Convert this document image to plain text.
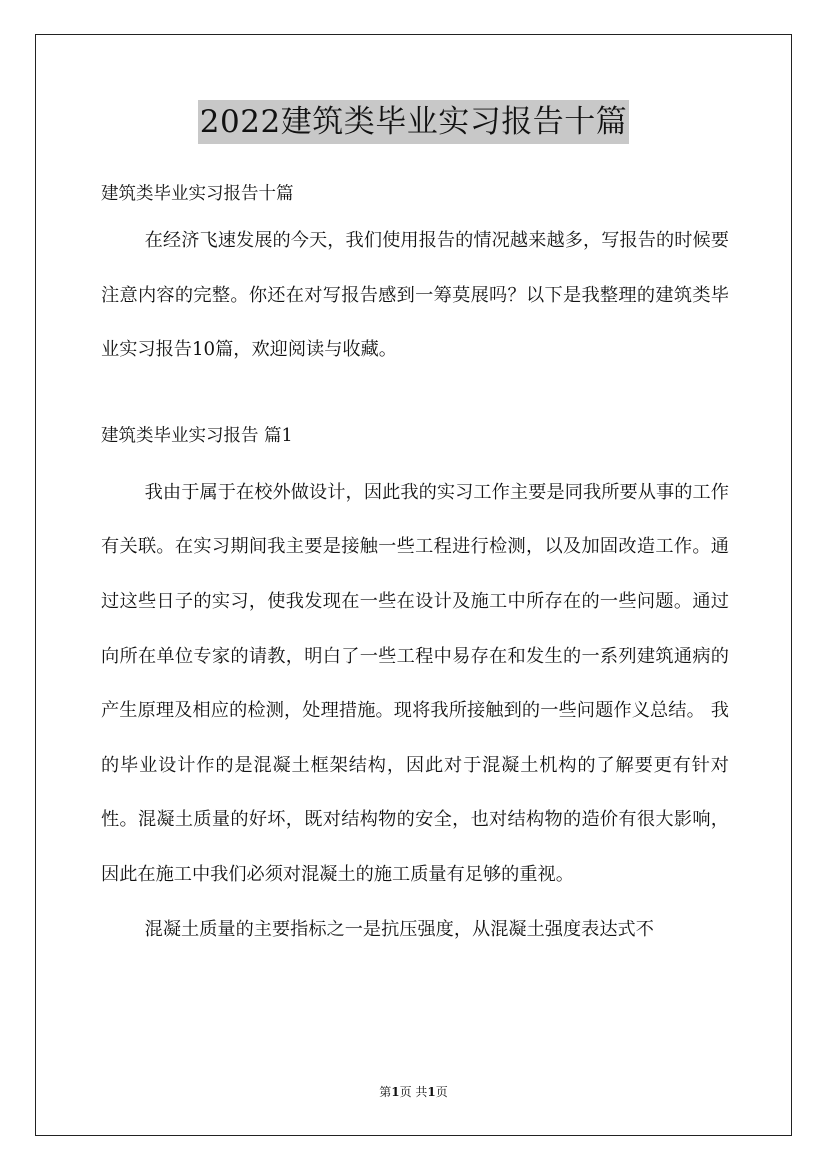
2022建筑类毕业实习报告十篇
建筑类毕业实习报告十篇

在经济飞速发展的今天，我们使用报告的情况越来越多，写报告的时候要注意内容的完整。你还在对写报告感到一筹莫展吗？以下是我整理的建筑类毕业实习报告10篇，欢迎阅读与收藏。

建筑类毕业实习报告 篇1

我由于属于在校外做设计，因此我的实习工作主要是同我所要从事的工作有关联。在实习期间我主要是接触一些工程进行检测，以及加固改造工作。通过这些日子的实习，使我发现在一些在设计及施工中所存在的一些问题。通过向所在单位专家的请教，明白了一些工程中易存在和发生的一系列建筑通病的产生原理及相应的检测，处理措施。现将我所接触到的一些问题作义总结。 我的毕业设计作的是混凝土框架结构，因此对于混凝土机构的了解要更有针对性。混凝土质量的好坏，既对结构物的安全，也对结构物的造价有很大影响，因此在施工中我们必须对混凝土的施工质量有足够的重视。

混凝土质量的主要指标之一是抗压强度，从混凝土强度表达式不

第1页 共1页
